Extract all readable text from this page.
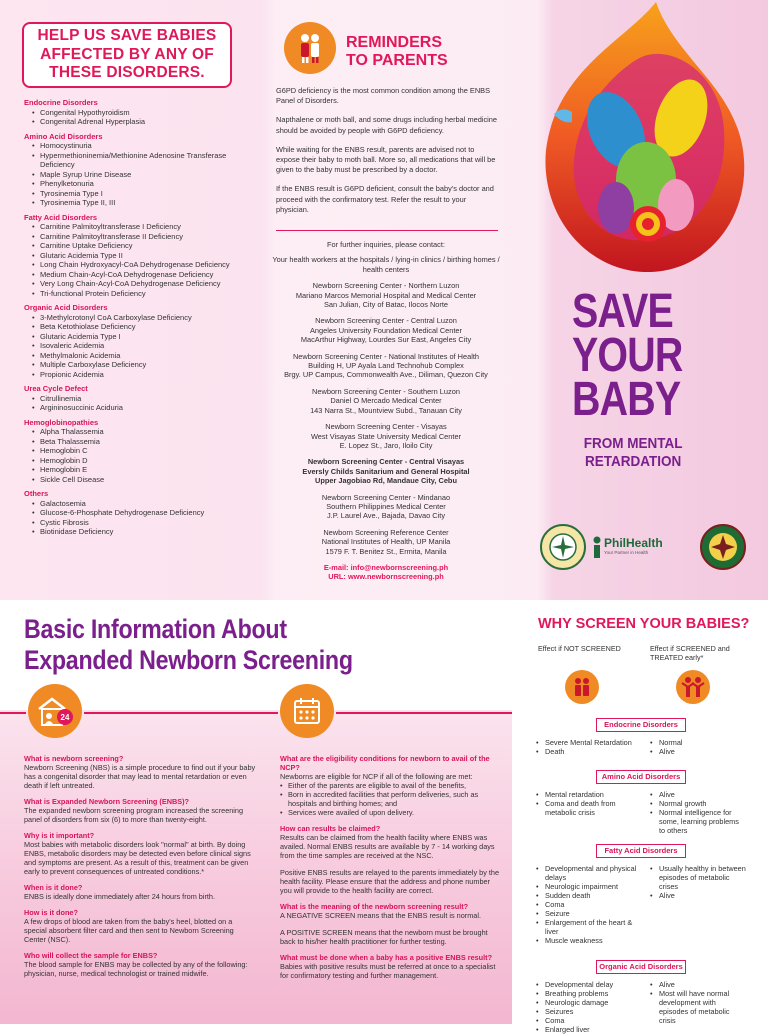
HELP US SAVE BABIES
AFFECTED BY ANY OF
THESE DISORDERS.
Endocrine Disorders
• Congenital Hypothyroidism
• Congenital Adrenal Hyperplasia
Amino Acid Disorders
• Homocystinuria
• Hypermethioninemia/Methionine Adenosine Transferase Deficiency
• Maple Syrup Urine Disease
• Phenylketonuria
• Tyrosinemia Type I
• Tyrosinemia Type II, III
Fatty Acid Disorders
• Carnitine Palmitoyltransferase I Deficiency
• Carnitine Palmitoyltransferase II Deficiency
• Carnitine Uptake Deficiency
• Glutaric Acidemia Type II
• Long Chain Hydroxyacyl-CoA Dehydrogenase Deficiency
• Medium Chain-Acyl-CoA Dehydrogenase Deficiency
• Very Long Chain-Acyl-CoA Dehydrogenase Deficiency
• Tri-functional Protein Deficiency
Organic Acid Disorders
• 3-Methylcrotonyl CoA Carboxylase Deficiency
• Beta Ketothiolase Deficiency
• Glutaric Acidemia Type I
• Isovaleric Acidemia
• Methylmalonic Acidemia
• Multiple Carboxylase Deficiency
• Propionic Acidemia
Urea Cycle Defect
• Citrullinemia
• Argininosuccinic Aciduria
Hemoglobinopathies
• Alpha Thalassemia
• Beta Thalassemia
• Hemoglobin C
• Hemoglobin D
• Hemoglobin E
• Sickle Cell Disease
Others
• Galactosemia
• Glucose-6-Phosphate Dehydrogenase Deficiency
• Cystic Fibrosis
• Biotinidase Deficiency
REMINDERS
TO PARENTS

G6PD deficiency is the most common condition among the ENBS Panel of Disorders.

Napthalene or moth ball, and some drugs including herbal medicine should be avoided by people with G6PD deficiency.

While waiting for the ENBS result, parents are advised not to expose their baby to moth ball. More so, all medications that will be given to the baby must be prescribed by a doctor.

If the ENBS result is G6PD deficient, consult the baby's doctor and proceed with the confirmatory test. Refer the result to your physician.

For further inquiries, please contact:
Your health workers at the hospitals / lying-in clinics / birthing homes / health centers
Newborn Screening Center - Northern Luzon
Mariano Marcos Memorial Hospital and Medical Center
San Julian, City of Batac, Ilocos Norte
Newborn Screening Center - Central Luzon
Angeles University Foundation Medical Center
MacArthur Highway, Lourdes Sur East, Angeles City
Newborn Screening Center - National Institutes of Health
Building H, UP Ayala Land Technohub Complex
Brgy. UP Campus, Commonwealth Ave., Diliman, Quezon City
Newborn Screening Center - Southern Luzon
Daniel O Mercado Medical Center
143 Narra St., Mountview Subd., Tanauan City
Newborn Screening Center - Visayas
West Visayas State University Medical Center
E. Lopez St., Jaro, Iloilo City
Newborn Screening Center - Central Visayas
Eversly Childs Sanitarium and General Hospital
Upper Jagobiao Rd, Mandaue City, Cebu
Newborn Screening Center - Mindanao
Southern Philippines Medical Center
J.P. Laurel Ave., Bajada, Davao City
Newborn Screening Reference Center
National Institutes of Health, UP Manila
1579 F. T. Benitez St., Ermita, Manila
E-mail: info@newbornscreening.ph
URL: www.newbornscreening.ph
SAVE
YOUR
BABY
FROM MENTAL
RETARDATION
PhilHealth
Your Partner in Health
Basic Information About
Expanded Newborn Screening
24
What is newborn screening?

Newborn Screening (NBS) is a simple procedure to find out if your baby has a congenital disorder that may lead to mental retardation or even death if left untreated.

What is Expanded Newborn Screening (ENBS)?

The expanded newborn screening program increased the screening panel of disorders from six (6) to more than twenty-eight.

Why is it important?

Most babies with metabolic disorders look "normal" at birth. By doing ENBS, metabolic disorders may be detected even before clinical signs and symptoms are present. As a result of this, treatment can be given early to prevent consequences of untreated conditions.*

When is it done?

ENBS is ideally done immediately after 24 hours from birth.

How is it done?

A few drops of blood are taken from the baby's heel, blotted on a special absorbent filter card and then sent to Newborn Screening Center (NSC).

Who will collect the sample for ENBS?

The blood sample for ENBS may be collected by any of the following: physician, nurse, medical technologist or trained midwife.

What are the eligibility conditions for newborn to avail of the NCP?

Newborns are eligible for NCP if all of the following are met:

• Either of the parents are eligible to avail of the benefits,
• Born in accredited facilities that perform deliveries, such as hospitals and birthing homes; and
• Services were availed of upon delivery.
How can results be claimed?

Results can be claimed from the health facility where ENBS was availed. Normal ENBS results are available by 7 - 14 working days from the time samples are received at the NSC.

Positive ENBS results are relayed to the parents immediately by the health facility. Please ensure that the address and phone number you will provide to the health facility are correct.

What is the meaning of the newborn screening result?

A NEGATIVE SCREEN means that the ENBS result is normal.

A POSITIVE SCREEN means that the newborn must be brought back to his/her health practitioner for further testing.

What must be done when a baby has a positive ENBS result?

Babies with positive results must be referred at once to a specialist for confirmatory testing and further management.

WHY SCREEN YOUR BABIES?
Effect if NOT SCREENED	Effect if SCREENED and TREATED early*
Endocrine Disorders
• Severe Mental Retardation
• Death
• Normal
• Alive
Amino Acid Disorders
• Mental retardation
• Coma and death from metabolic crisis
• Alive
• Normal growth
• Normal intelligence for some, learning problems to others
Fatty Acid Disorders
• Developmental and physical delays
• Neurologic impairment
• Sudden death
• Coma
• Seizure
• Enlargement of the heart & liver
• Muscle weakness
• Usually healthy in between episodes of metabolic crises
• Alive
Organic Acid Disorders
• Developmental delay
• Breathing problems
• Neurologic damage
• Seizures
• Coma
• Enlarged liver
• Alive
• Most will have normal development with episodes of metabolic crisis
